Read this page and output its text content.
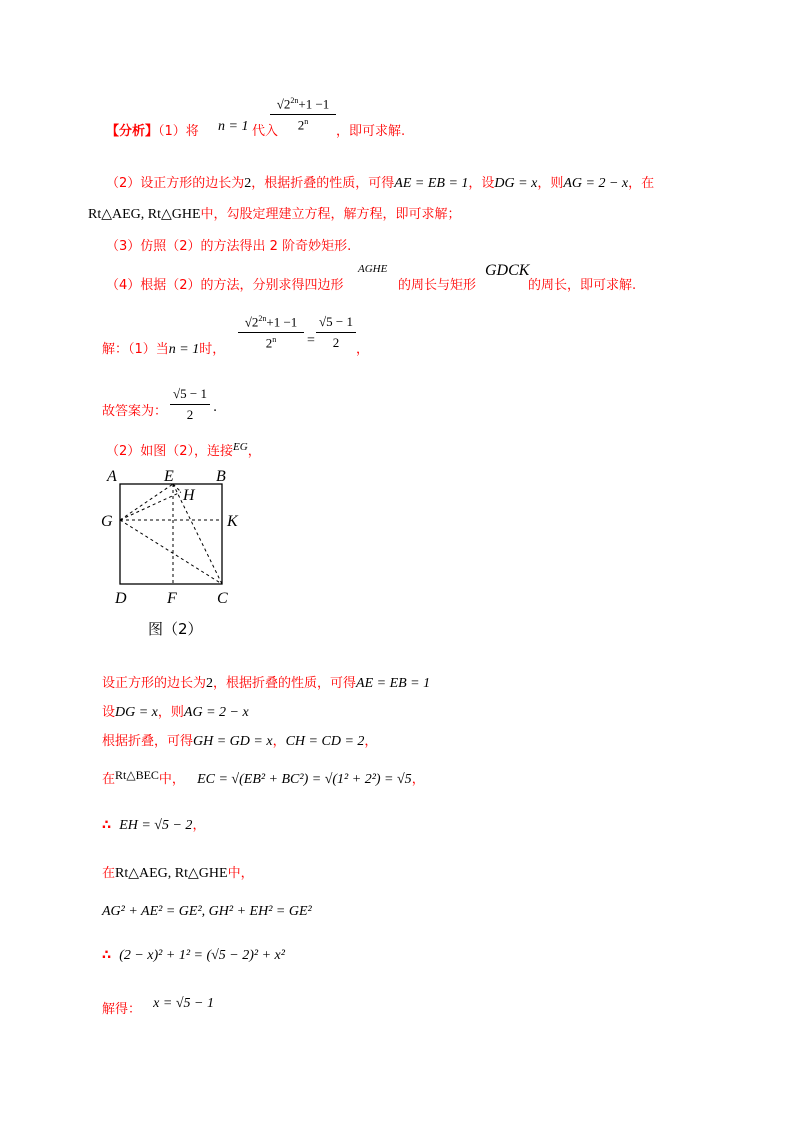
【分析】（1）将 n = 1 代入
$√2^{2n}+1 -1$
2$^n$
，即可求解.
（2）设正方形的边长为2，根据折叠的性质，可得AE = EB = 1，设DG = x，则AG = 2 − x，在
Rt△AEG, Rt△GHE中，勾股定理建立方程，解方程，即可求解；
（3）仿照（2）的方法得出 2 阶奇妙矩形.
（4）根据（2）的方法，分别求得四边形
AGHE
的周长与矩形
GDCK
的周长，即可求解.
解：（1）当n = 1时，
$√2^{2n}+1 -1$
$2^n$	=
√5 − 1
2	，
故答案为：
√5 − 1
2	.
（2）如图（2），连接$^{EG}$，
A	E	B
H
G	K
D	F	C
图（2）
设正方形的边长为2，根据折叠的性质，可得AE = EB = 1
设DG = x，则AG = 2 − x
根据折叠，可得GH = GD = x，CH = CD = 2，
在Rt△BEC中， EC = √(EB² + BC²) = √(1² + 2²) = √5，
∴ EH = √5 − 2，
在Rt△AEG, Rt△GHE中，
AG² + AE² = GE², GH² + EH² = GE²
∴ (2 − x)² + 1² = (√5 − 2)² + x²
解得： x = √5 − 1
